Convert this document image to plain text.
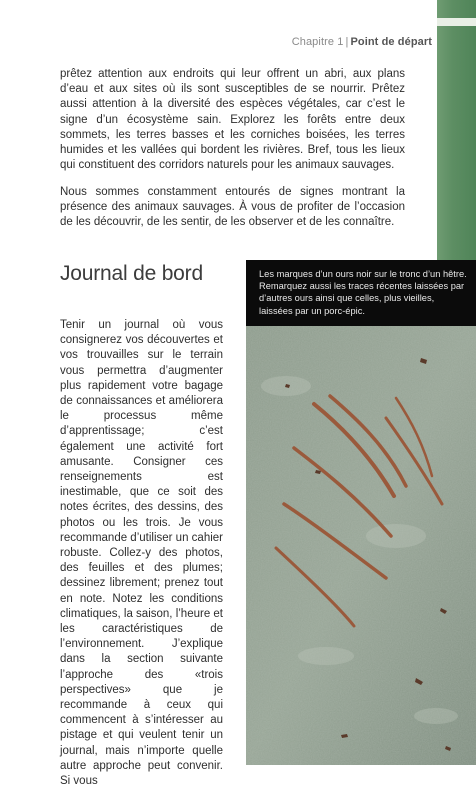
Chapitre 1 | Point de départ

prêtez attention aux endroits qui leur offrent un abri, aux plans d’eau et aux sites où ils sont susceptibles de se nourrir. Prêtez aussi attention à la diversité des espèces végétales, car c’est le signe d’un écosystème sain. Explorez les forêts entre deux sommets, les terres basses et les corniches boisées, les terres humides et les vallées qui bordent les rivières. Bref, tous les lieux qui constituent des corridors naturels pour les animaux sauvages.

Nous sommes constamment entourés de signes montrant la présence des animaux sauvages. À vous de profiter de l’occasion de les découvrir, de les sentir, de les observer et de les connaître.

Journal de bord

Tenir un journal où vous consignerez vos découvertes et vos trouvailles sur le terrain vous permettra d’augmenter plus rapidement votre bagage de connaissances et améliorera le processus même d’apprentissage; c’est également une activité fort amusante. Consigner ces renseignements est inestimable, que ce soit des notes écrites, des dessins, des photos ou les trois. Je vous recommande d’utiliser un cahier robuste. Collez-y des photos, des feuilles et des plumes; dessinez librement; prenez tout en note. Notez les conditions climatiques, la saison, l’heure et les caractéristiques de l’environnement. J’explique dans la section suivante l’approche des «trois perspectives» que je recommande à ceux qui commencent à s’intéresser au pistage et qui veulent tenir un journal, mais n’importe quelle autre approche peut convenir. Si vous

Les marques d’un ours noir sur le tronc d’un hêtre. Remarquez aussi les traces récentes laissées par d’autres ours ainsi que celles, plus vieilles, laissées par un porc-épic.
